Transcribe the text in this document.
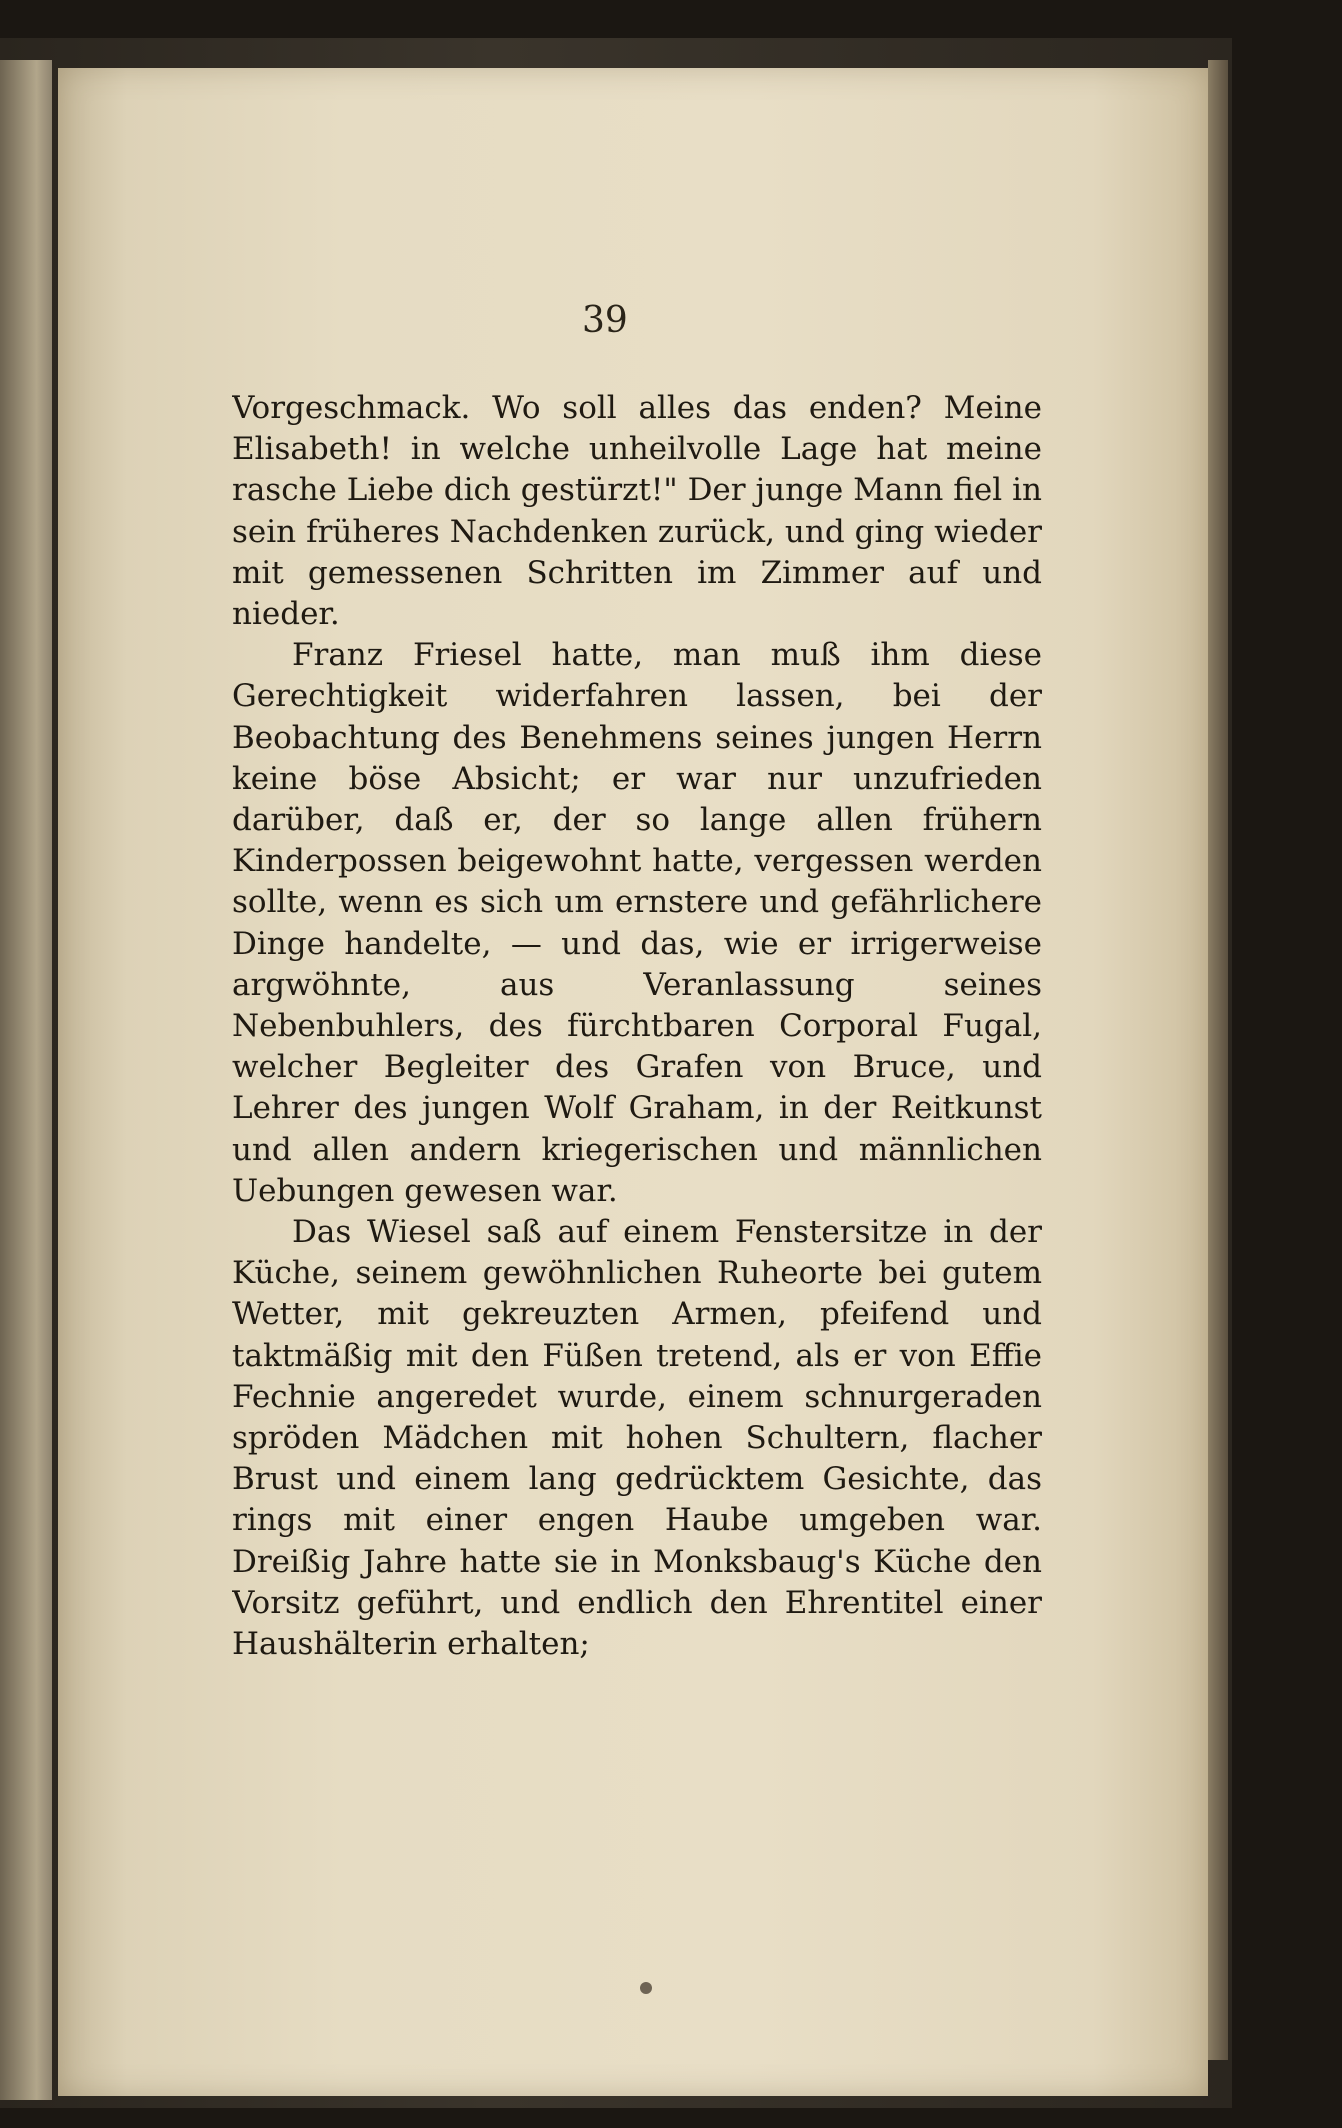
39

Vorgeschmack. Wo soll alles das enden? Meine Elisabeth! in welche unheilvolle Lage hat meine rasche Liebe dich gestürzt!" Der junge Mann fiel in sein früheres Nachdenken zurück, und ging wieder mit gemessenen Schritten im Zimmer auf und nieder.

Franz Friesel hatte, man muß ihm diese Gerechtigkeit widerfahren lassen, bei der Beobachtung des Benehmens seines jungen Herrn keine böse Absicht; er war nur unzufrieden darüber, daß er, der so lange allen frühern Kinderpossen beigewohnt hatte, vergessen werden sollte, wenn es sich um ernstere und gefährlichere Dinge handelte, — und das, wie er irrigerweise argwöhnte, aus Veranlassung seines Nebenbuhlers, des fürchtbaren Corporal Fugal, welcher Begleiter des Grafen von Bruce, und Lehrer des jungen Wolf Graham, in der Reitkunst und allen andern kriegerischen und männlichen Uebungen gewesen war.

Das Wiesel saß auf einem Fenstersitze in der Küche, seinem gewöhnlichen Ruheorte bei gutem Wetter, mit gekreuzten Armen, pfeifend und taktmäßig mit den Füßen tretend, als er von Effie Fechnie angeredet wurde, einem schnurgeraden spröden Mädchen mit hohen Schultern, flacher Brust und einem lang gedrücktem Gesichte, das rings mit einer engen Haube umgeben war. Dreißig Jahre hatte sie in Monksbaug's Küche den Vorsitz geführt, und endlich den Ehrentitel einer Haushälterin erhalten;
